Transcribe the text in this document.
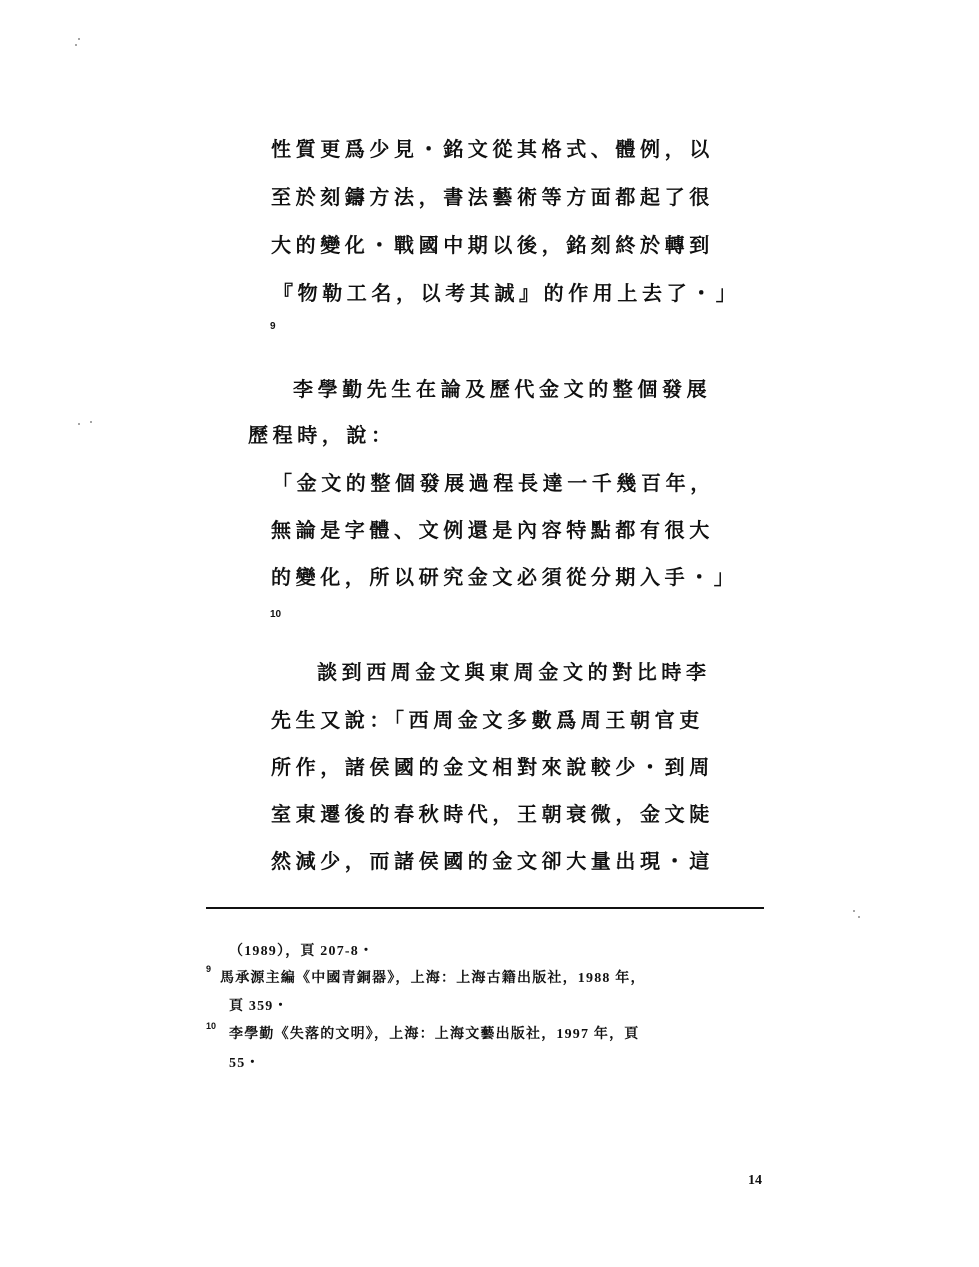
性質更爲少見・銘文從其格式、體例，以
至於刻鑄方法，書法藝術等方面都起了很
大的變化・戰國中期以後，銘刻終於轉到
『物勒工名，以考其誠』的作用上去了・」
9
李學勤先生在論及歷代金文的整個發展
歷程時，說：
「金文的整個發展過程長達一千幾百年，
無論是字體、文例還是內容特點都有很大
的變化，所以研究金文必須從分期入手・」
10
談到西周金文與東周金文的對比時李
先生又說：「西周金文多數爲周王朝官吏
所作，諸侯國的金文相對來說較少・到周
室東遷後的春秋時代，王朝衰微，金文陡
然減少，而諸侯國的金文卻大量出現・這
（1989），頁 207-8・
9
馬承源主編《中國青銅器》，上海：上海古籍出版社，1988 年，
頁 359・
10
李學勤《失落的文明》，上海：上海文藝出版社，1997 年，頁
55・
14
